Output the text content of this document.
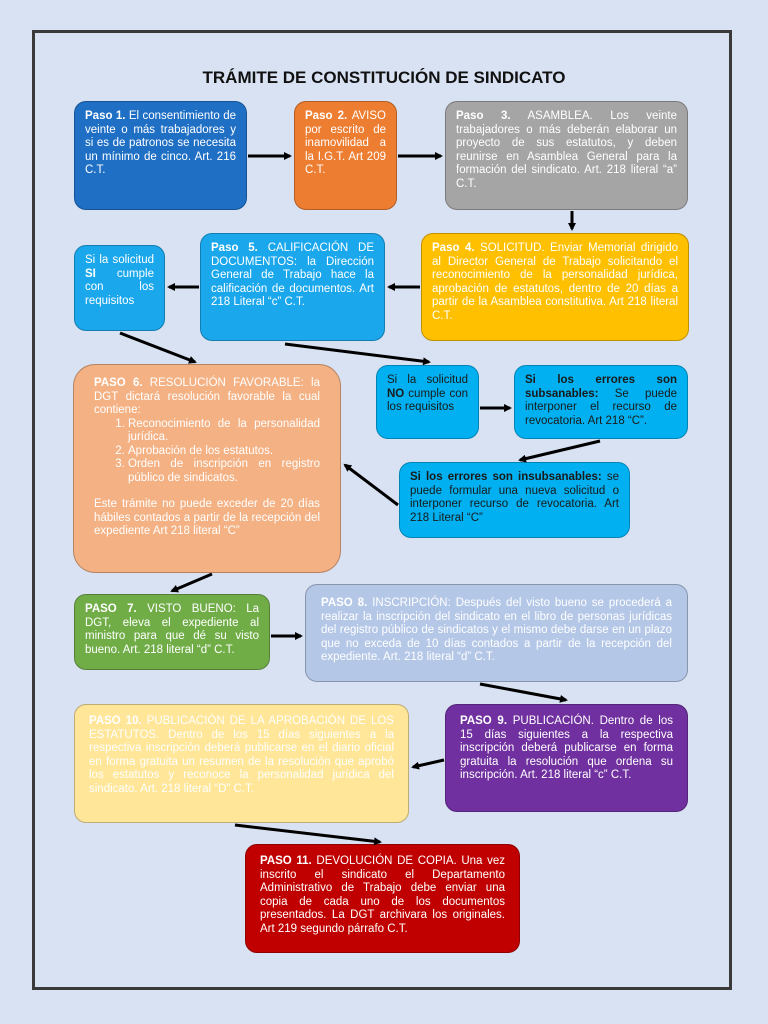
TRÁMITE DE CONSTITUCIÓN DE SINDICATO
Paso 1. El consentimiento de veinte o más trabajadores y si es de patronos se necesita un mínimo de cinco. Art. 216 C.T.
Paso 2. AVISO por escrito de inamovilidad a la I.G.T. Art 209 C.T.
Paso 3. ASAMBLEA. Los veinte trabajadores o más deberán elaborar un proyecto de sus estatutos, y deben reunirse en Asamblea General para la formación del sindicato. Art. 218 literal “a” C.T.
Paso 4. SOLICITUD. Enviar Memorial dirigido al Director General de Trabajo solicitando el reconocimiento de la personalidad jurídica, aprobación de estatutos, dentro de 20 días a partir de la Asamblea constitutiva. Art 218 literal C.T.
Paso 5. CALIFICACIÓN DE DOCUMENTOS: la Dirección General de Trabajo hace la calificación de documentos. Art 218 Literal “c” C.T.
Si la solicitud SI cumple con los requisitos
Si la solicitud NO cumple con los requisitos
Si los errores son subsanables: Se puede interponer el recurso de revocatoria. Art 218 “C”.
Si los errores son insubsanables: se puede formular una nueva solicitud o interponer recurso de revocatoria. Art 218 Literal “C”
PASO 6. RESOLUCIÓN FAVORABLE: la DGT dictará resolución favorable la cual contiene:
1. Reconocimiento de la personalidad jurídica.
2. Aprobación de los estatutos.
3. Orden de inscripción en registro público de sindicatos.
Este trámite no puede exceder de 20 días hábiles contados a partir de la recepción del expediente Art 218 literal “C”
PASO 7. VISTO BUENO: La DGT, eleva el expediente al ministro para que dé su visto bueno. Art. 218 literal “d” C.T.
PASO 8. INSCRIPCIÓN: Después del visto bueno se procederá a realizar la inscripción del sindicato en el libro de personas jurídicas del registro público de sindicatos y el mismo debe darse en un plazo que no exceda de 10 días contados a partir de la recepción del expediente. Art. 218 literal “d” C.T.
PASO 9. PUBLICACIÓN. Dentro de los 15 días siguientes a la respectiva inscripción deberá publicarse en forma gratuita la resolución que ordena su inscripción. Art. 218 literal “c” C.T.
PASO 10. PUBLICACIÓN DE LA APROBACIÓN DE LOS ESTATUTOS. Dentro de los 15 días siguientes a la respectiva inscripción deberá publicarse en el diario oficial en forma gratuita un resumen de la resolución que aprobó los estatutos y reconoce la personalidad jurídica del sindicato. Art. 218 literal “D” C.T.
PASO 11. DEVOLUCIÓN DE COPIA. Una vez inscrito el sindicato el Departamento Administrativo de Trabajo debe enviar una copia de cada uno de los documentos presentados. La DGT archivara los originales. Art 219 segundo párrafo C.T.
